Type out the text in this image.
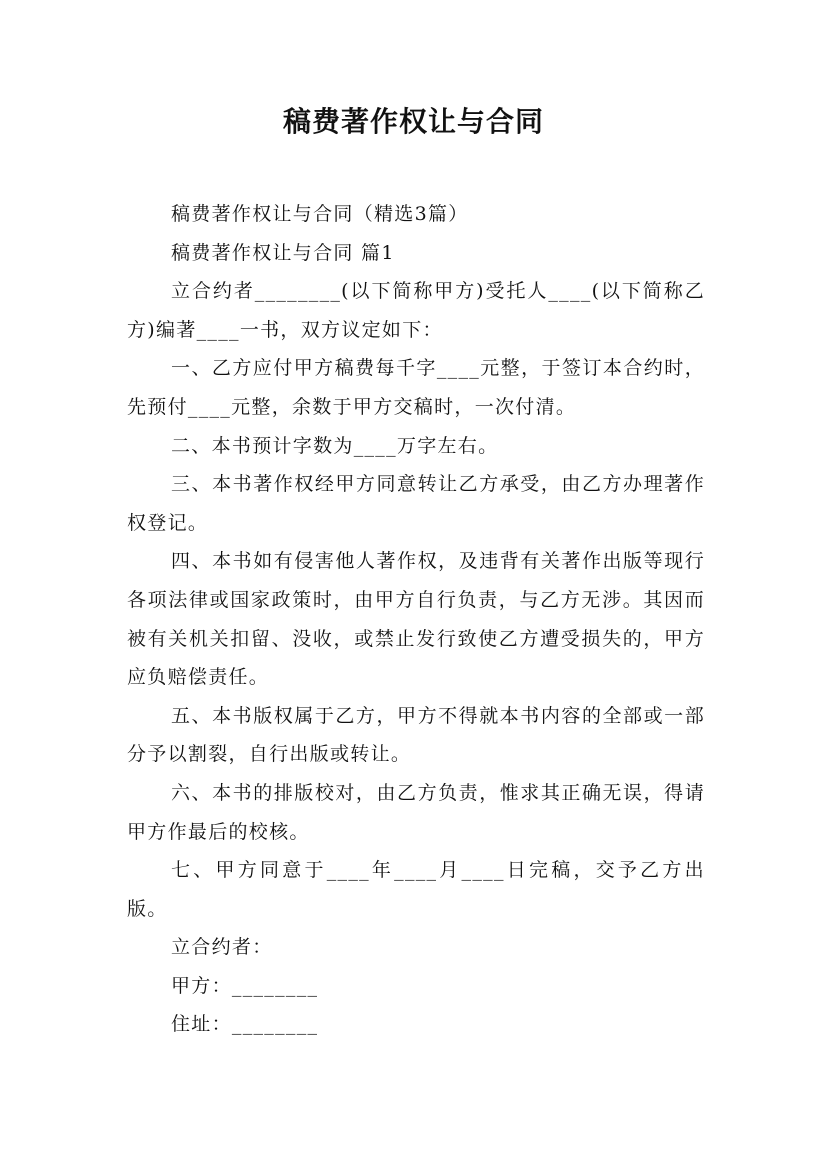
稿费著作权让与合同

稿费著作权让与合同（精选3篇）

稿费著作权让与合同 篇1

立合约者________(以下简称甲方)受托人____(以下简称乙方)编著____一书，双方议定如下：

一、乙方应付甲方稿费每千字____元整，于签订本合约时，先预付____元整，余数于甲方交稿时，一次付清。

二、本书预计字数为____万字左右。

三、本书著作权经甲方同意转让乙方承受，由乙方办理著作权登记。

四、本书如有侵害他人著作权，及违背有关著作出版等现行各项法律或国家政策时，由甲方自行负责，与乙方无涉。其因而被有关机关扣留、没收，或禁止发行致使乙方遭受损失的，甲方应负赔偿责任。

五、本书版权属于乙方，甲方不得就本书内容的全部或一部分予以割裂，自行出版或转让。

六、本书的排版校对，由乙方负责，惟求其正确无误，得请甲方作最后的校核。

七、甲方同意于____年____月____日完稿，交予乙方出版。

立合约者：

甲方：________

住址：________
